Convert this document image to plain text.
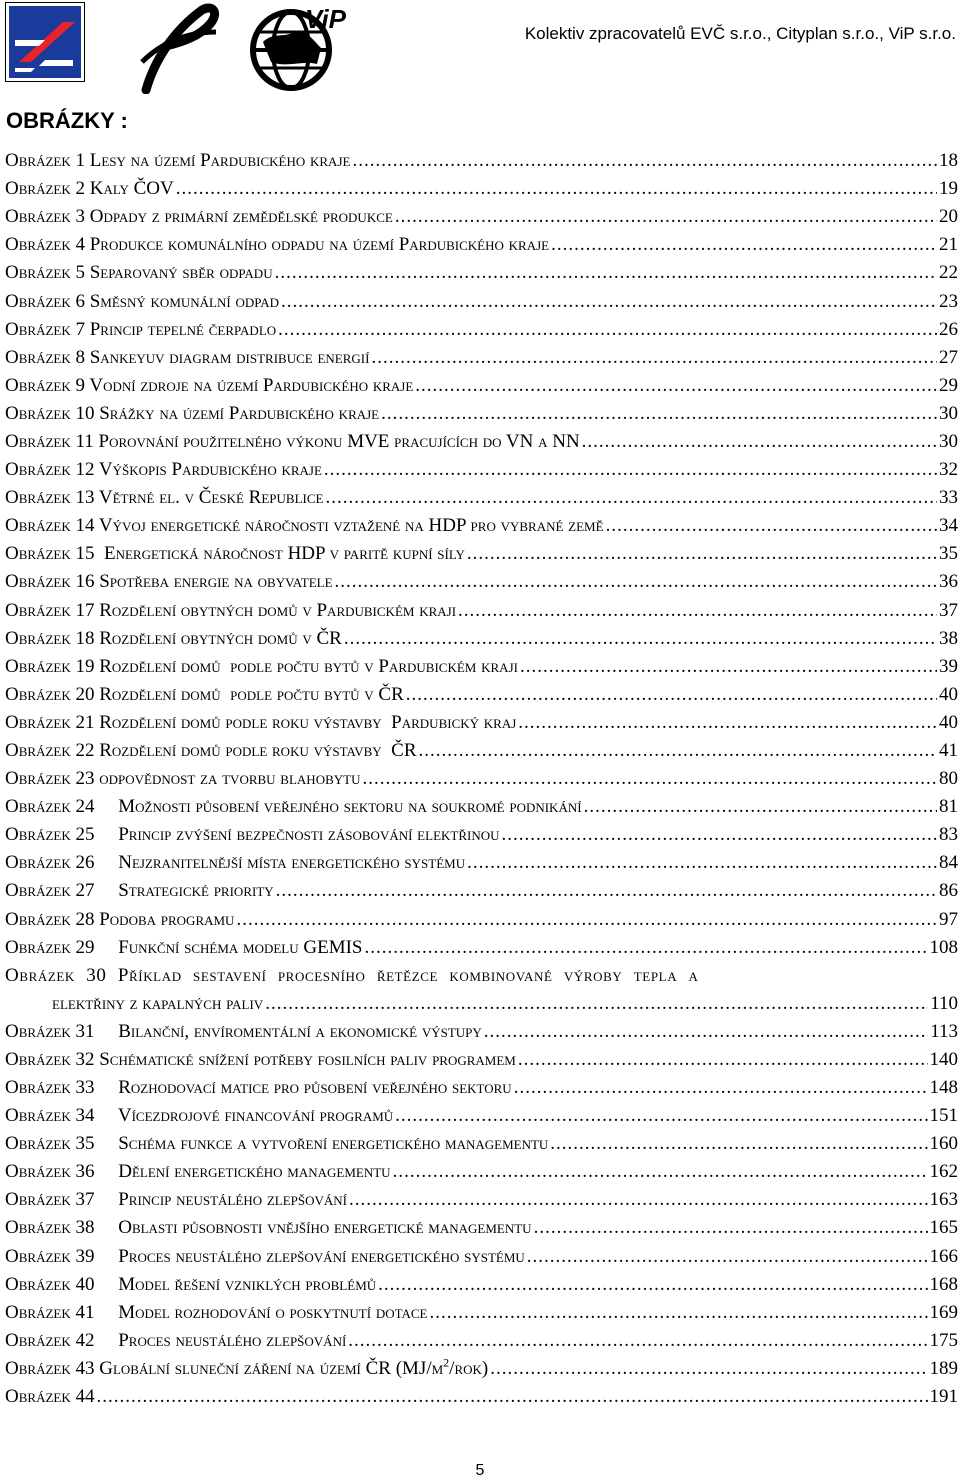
ViP	Kolektiv zpracovatelů EVČ s.r.o., Cityplan s.r.o., ViP s.r.o.
OBRÁZKY :
Obrázek 1 Lesy na území Pardubického kraje .....	18
Obrázek 2 Kaly ČOV .....	19
Obrázek 3 Odpady z primární zemědělské produkce .....	20
Obrázek 4 Produkce komunálního odpadu na území Pardubického kraje .....	21
Obrázek 5 Separovaný sběr odpadu .....	22
Obrázek 6 Směsný komunální odpad .....	23
Obrázek 7 Princip tepelné čerpadlo .....	26
Obrázek 8 Sankeyuv diagram distribuce energií .....	27
Obrázek 9 Vodní zdroje na území Pardubického kraje .....	29
Obrázek 10 Srážky na území Pardubického kraje .....	30
Obrázek 11 Porovnání použitelného výkonu MVE pracujících do VN a NN .....	30
Obrázek 12 Výškopis Pardubického kraje .....	32
Obrázek 13 Větrné el. v České Republice .....	33
Obrázek 14 Vývoj energetické náročnosti vztažené na HDP pro vybrané země .....	34
Obrázek 15  Energetická náročnost HDP v paritě kupní síly .....	35
Obrázek 16 Spotřeba energie na obyvatele .....	36
Obrázek 17 Rozdělení obytných domů v Pardubickém kraji .....	37
Obrázek 18 Rozdělení obytných domů v ČR .....	38
Obrázek 19 Rozdělení domů  podle počtu bytů v Pardubickém kraji .....	39
Obrázek 20 Rozdělení domů  podle počtu bytů v ČR .....	40
Obrázek 21 Rozdělení domů podle roku výstavby  Pardubický kraj .....	40
Obrázek 22 Rozdělení domů podle roku výstavby  ČR .....	41
Obrázek 23 odpovědnost za tvorbu blahobytu .....	80
Obrázek 24     Možnosti působení veřejného sektoru na soukromé podnikání .....	81
Obrázek 25     Princip zvýšení bezpečnosti zásobování elektřinou .....	83
Obrázek 26     Nejzranitelnější místa energetického systému .....	84
Obrázek 27     Strategické priority .....	86
Obrázek 28 Podoba programu .....	97
Obrázek 29     Funkční schéma modelu GEMIS .....	108
Obrázek 30 Příklad sestavení procesního řetězce kombinované výroby tepla a
elektřiny z kapalných paliv .....	110
Obrázek 31     Bilanční, envíromentální a ekonomické výstupy .....	113
Obrázek 32 Schématické snížení potřeby fosilních paliv programem .....	140
Obrázek 33     Rozhodovací matice pro působení veřejného sektoru .....	148
Obrázek 34     Vícezdrojové financování programů .....	151
Obrázek 35     Schéma funkce a vytvoření energetického managementu .....	160
Obrázek 36     Dělení energetického managementu .....	162
Obrázek 37     Princip neustálého zlepšování .....	163
Obrázek 38     Oblasti působnosti vnějšího energetické managementu .....	165
Obrázek 39     Proces neustálého zlepšování energetického systému .....	166
Obrázek 40     Model řešení vzniklých problémů .....	168
Obrázek 41     Model rozhodování o poskytnutí dotace .....	169
Obrázek 42     Proces neustálého zlepšování .....	175
Obrázek 43 Globální sluneční záření na území ČR $(MJ/m^2/rok)$ .....	189
Obrázek 44 .....	191
5
